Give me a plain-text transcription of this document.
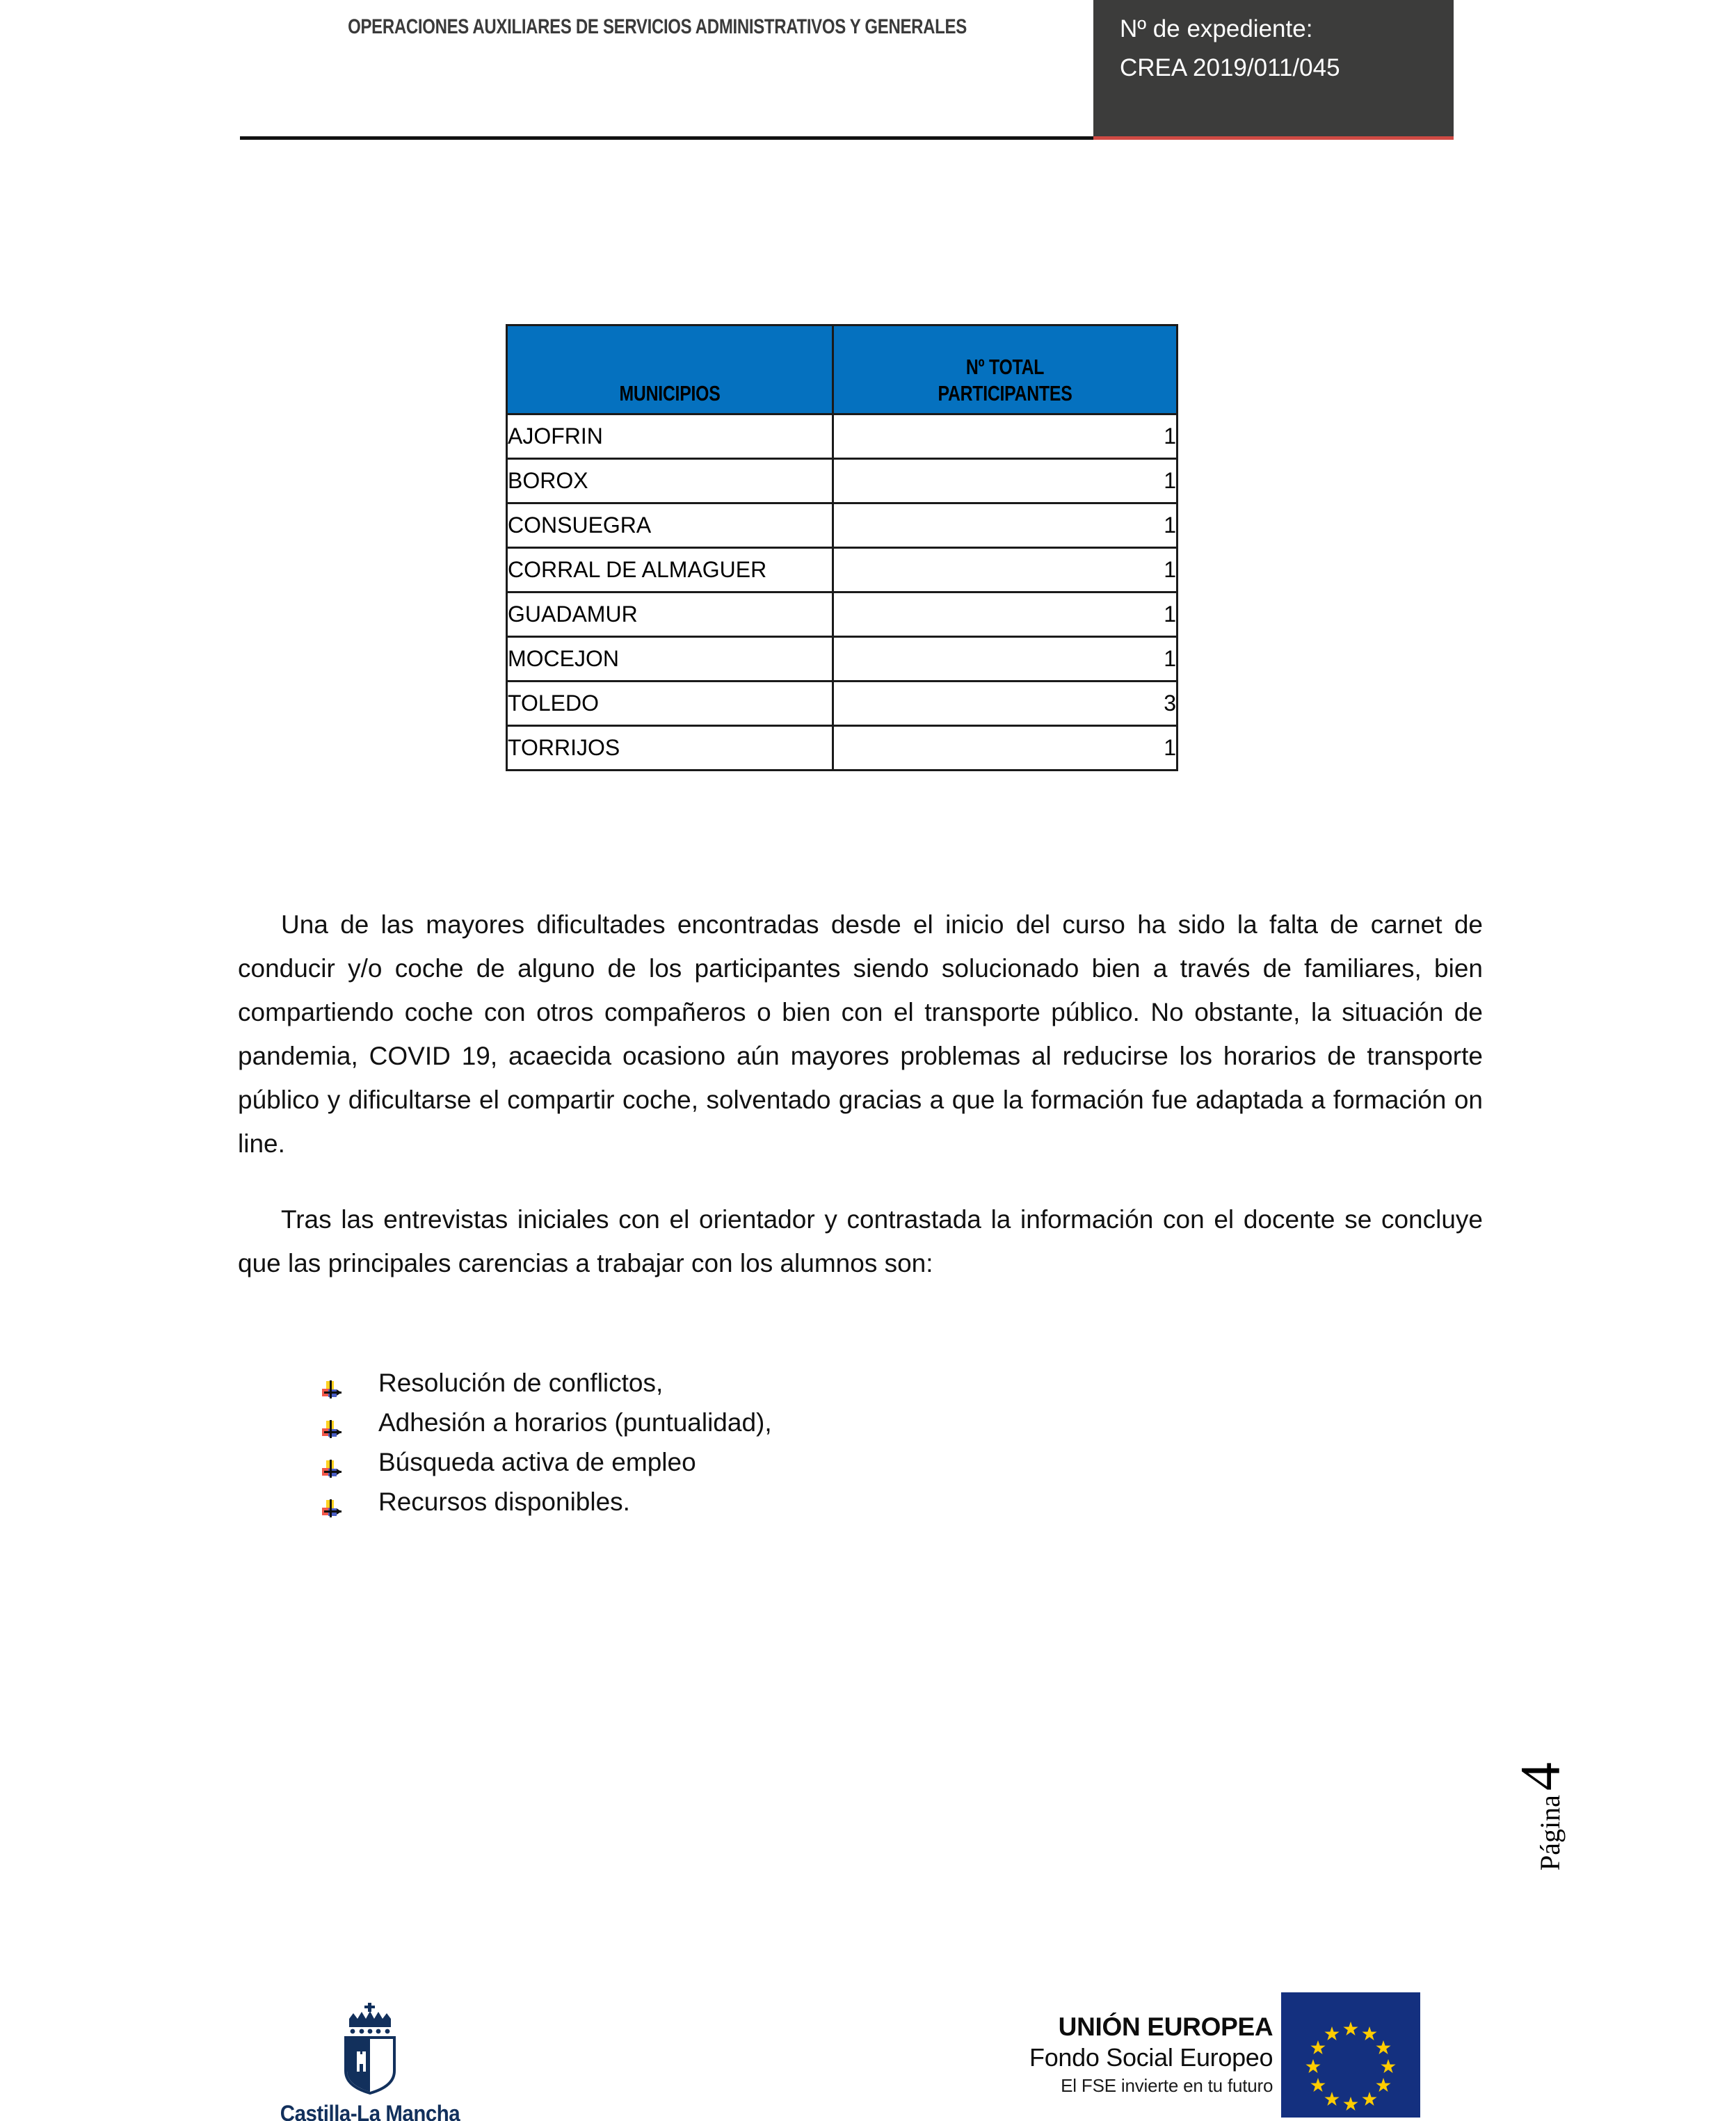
OPERACIONES AUXILIARES DE SERVICIOS ADMINISTRATIVOS Y GENERALES	Nº de expediente:
CREA 2019/011/045
MUNICIPIOS	Nº TOTAL
PARTICIPANTES

AJOFRIN	1
BOROX	1
CONSUEGRA	1
CORRAL DE ALMAGUER	1
GUADAMUR	1
MOCEJON	1
TOLEDO	3
TORRIJOS	1

Una de las mayores dificultades encontradas desde el inicio del curso ha sido la falta de carnet de conducir y/o coche de alguno de los participantes siendo solucionado bien a través de familiares, bien compartiendo coche con otros compañeros o bien con el transporte público. No obstante, la situación de pandemia, COVID 19, acaecida ocasiono aún mayores problemas al reducirse los horarios de transporte público y dificultarse el compartir coche, solventado gracias a que la formación fue adaptada a formación on line.

Tras las entrevistas iniciales con el orientador y contrastada la información con el docente se concluye que las principales carencias a trabajar con los alumnos son:

Resolución de conflictos,
Adhesión a horarios (puntualidad),
Búsqueda activa de empleo
Recursos disponibles.
Página
4
Castilla-La Mancha
UNIÓN EUROPEA
Fondo Social Europeo
El FSE invierte en tu futuro
